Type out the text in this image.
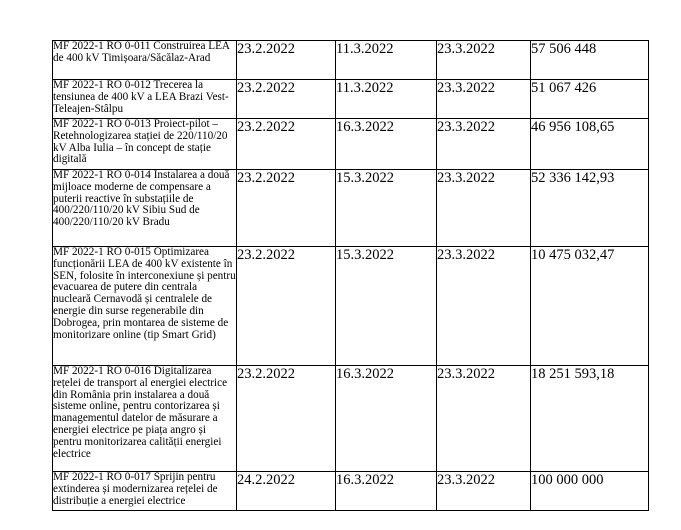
MF 2022-1 RO 0-011 Construirea LEA de 400 kV Timișoara/Săcălaz-Arad	23.2.2022	11.3.2022	23.3.2022	57 506 448
MF 2022-1 RO 0-012 Trecerea la tensiunea de 400 kV a LEA Brazi Vest-Teleajen-Stâlpu	23.2.2022	11.3.2022	23.3.2022	51 067 426
MF 2022-1 RO 0-013 Proiect-pilot – Retehnologizarea stației de 220/110/20 kV Alba Iulia – în concept de stație digitală	23.2.2022	16.3.2022	23.3.2022	46 956 108,65
MF 2022-1 RO 0-014 Instalarea a două mijloace moderne de compensare a puterii reactive în substațiile de 400/220/110/20 kV Sibiu Sud de 400/220/110/20 kV Bradu	23.2.2022	15.3.2022	23.3.2022	52 336 142,93
MF 2022-1 RO 0-015 Optimizarea funcționării LEA de 400 kV existente în SEN, folosite în interconexiune și pentru evacuarea de putere din centrala nucleară Cernavodă și centralele de energie din surse regenerabile din Dobrogea, prin montarea de sisteme de monitorizare online (tip Smart Grid)	23.2.2022	15.3.2022	23.3.2022	10 475 032,47
MF 2022-1 RO 0-016 Digitalizarea rețelei de transport al energiei electrice din România prin instalarea a două sisteme online, pentru contorizarea și managementul datelor de măsurare a energiei electrice pe piața angro și pentru monitorizarea calității energiei electrice	23.2.2022	16.3.2022	23.3.2022	18 251 593,18
MF 2022-1 RO 0-017 Sprijin pentru extinderea și modernizarea rețelei de distribuție a energiei electrice	24.2.2022	16.3.2022	23.3.2022	100 000 000
